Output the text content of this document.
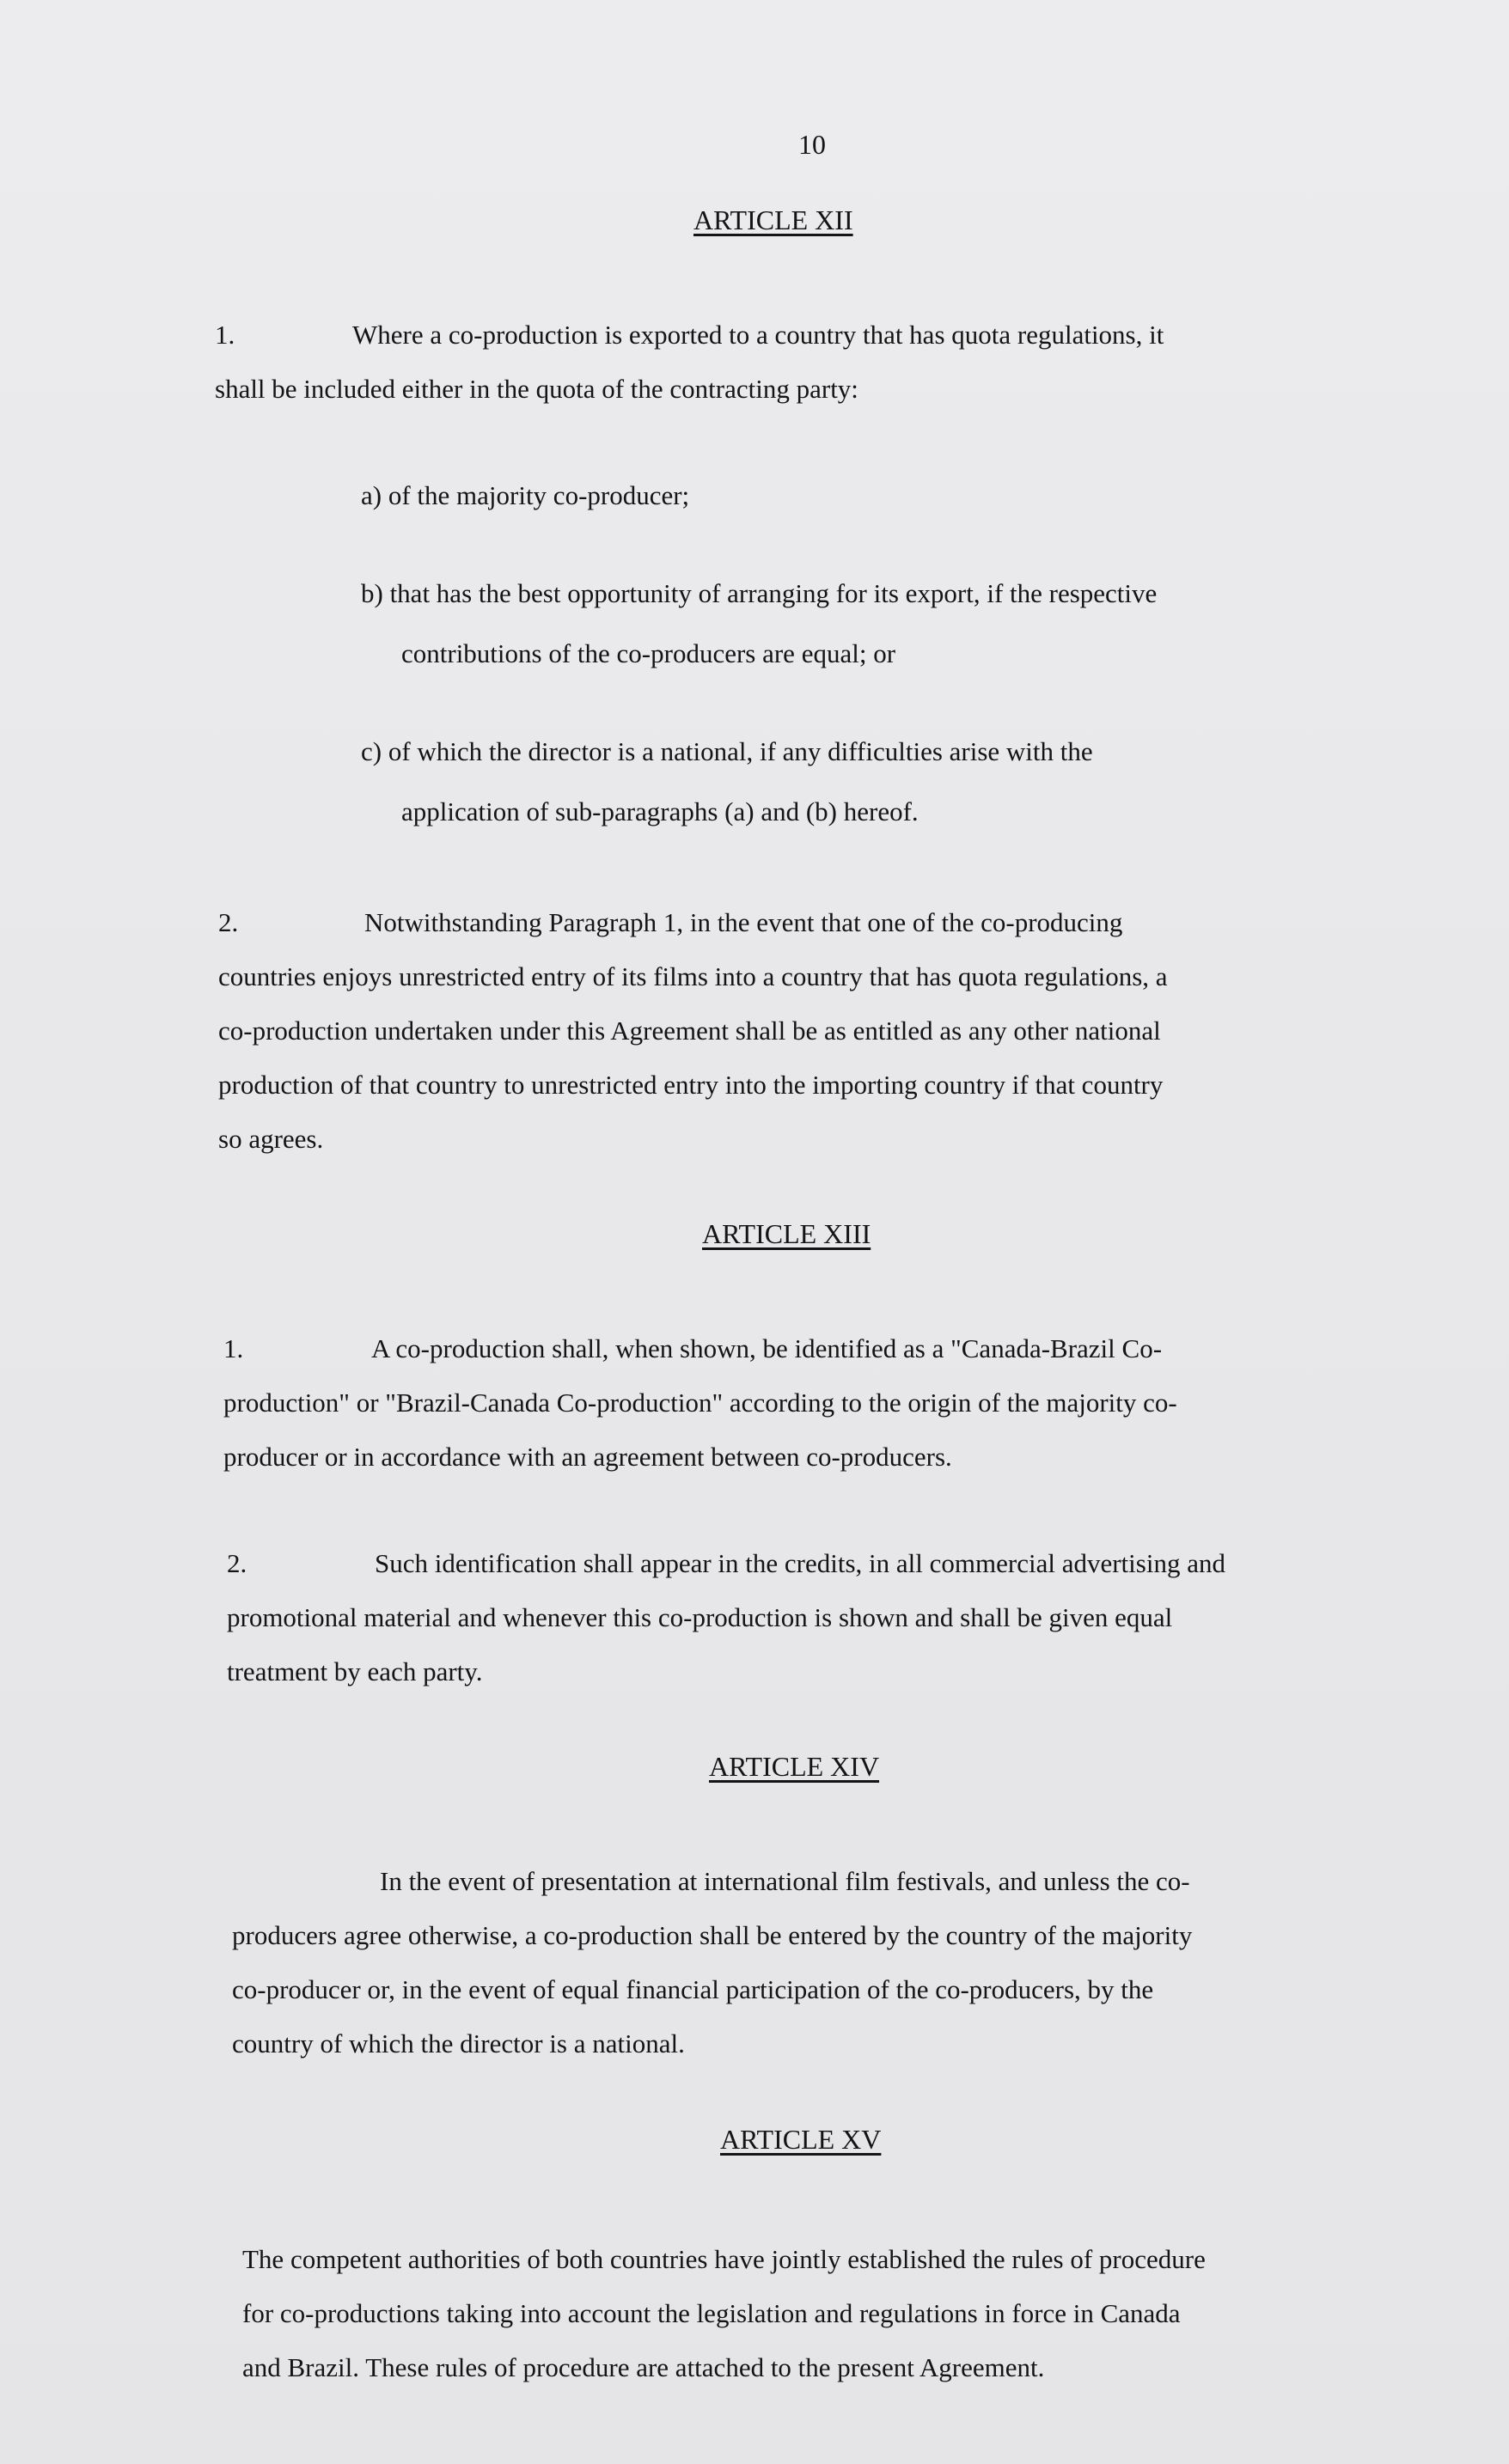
10
ARTICLE XII
1.	Where a co-production is exported to a country that has quota regulations, it
shall be included either in the quota of the contracting party:
a) of the majority co-producer;
b) that has the best opportunity of arranging for its export, if the respective
contributions of the co-producers are equal; or
c) of which the director is a national, if any difficulties arise with the
application of sub-paragraphs (a) and (b) hereof.
2.	Notwithstanding Paragraph 1, in the event that one of the co-producing
countries enjoys unrestricted entry of its films into a country that has quota regulations, a
co-production undertaken under this Agreement shall be as entitled as any other national
production of that country to unrestricted entry into the importing country if that country
so agrees.
ARTICLE XIII
1.	A co-production shall, when shown, be identified as a "Canada-Brazil Co-
production" or "Brazil-Canada Co-production" according to the origin of the majority co-
producer or in accordance with an agreement between co-producers.
2.	Such identification shall appear in the credits, in all commercial advertising and
promotional material and whenever this co-production is shown and shall be given equal
treatment by each party.
ARTICLE XIV
In the event of presentation at international film festivals, and unless the co-
producers agree otherwise, a co-production shall be entered by the country of the majority
co-producer or, in the event of equal financial participation of the co-producers, by the
country of which the director is a national.
ARTICLE XV
The competent authorities of both countries have jointly established the rules of procedure
for co-productions taking into account the legislation and regulations in force in Canada
and Brazil. These rules of procedure are attached to the present Agreement.
